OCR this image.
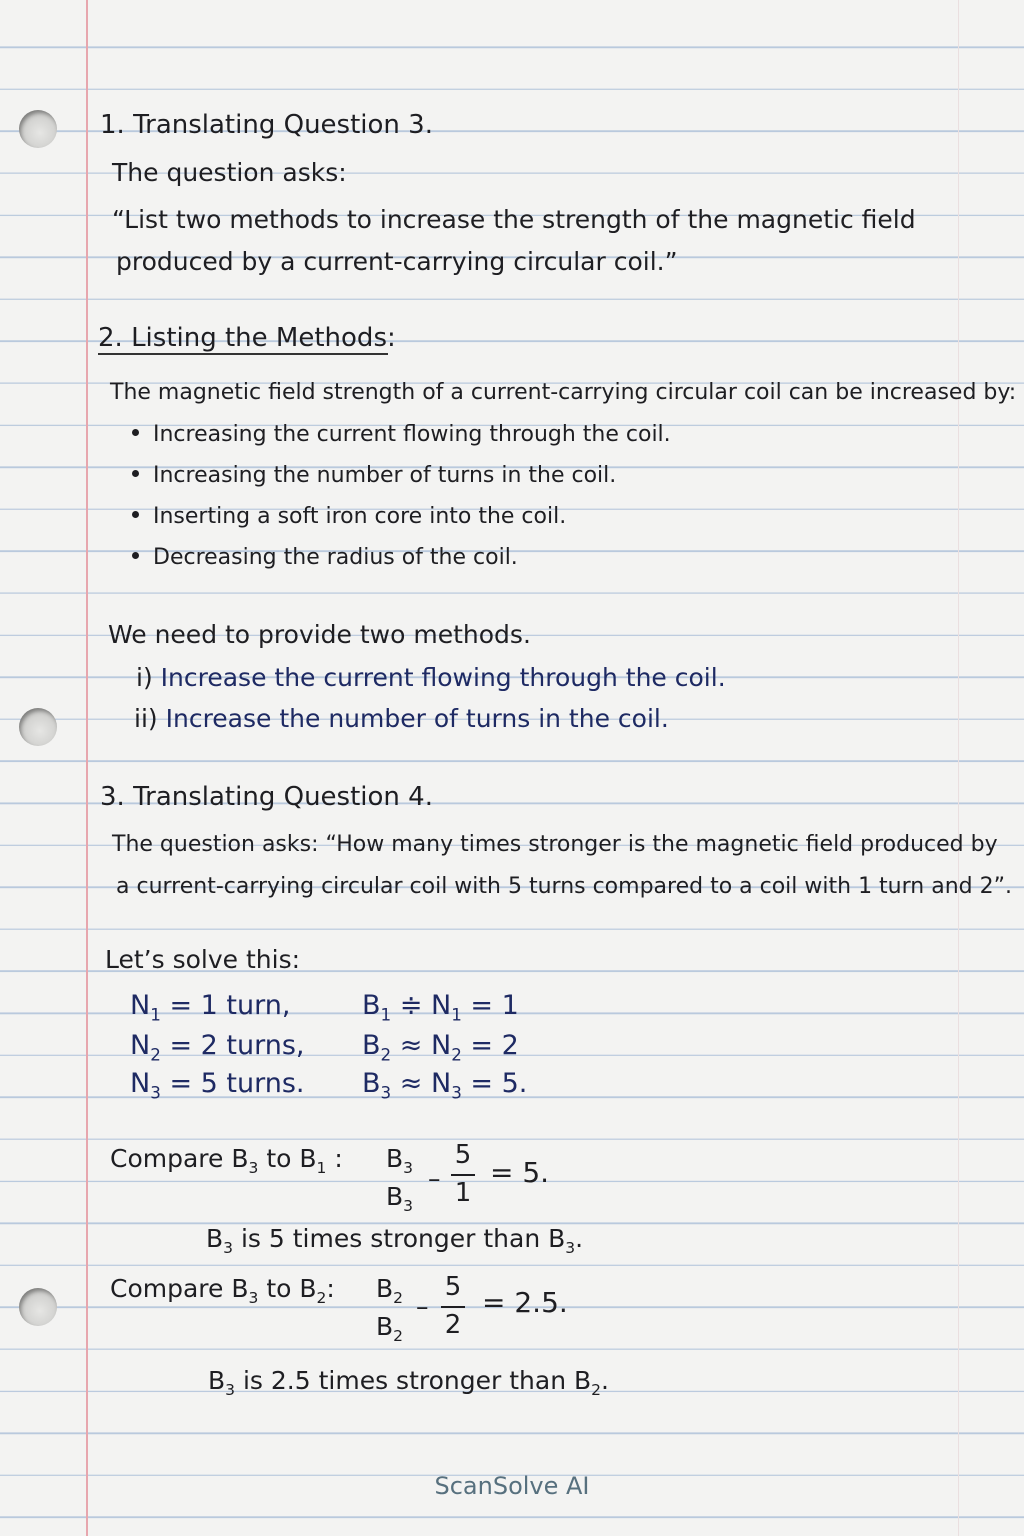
1. Translating Question 3.
The question asks:
“List two methods to increase the strength of the magnetic field
produced by a current-carrying circular coil.”
2. Listing the Methods:
The magnetic field strength of a current-carrying circular coil can be increased by:
Increasing the current flowing through the coil.
Increasing the number of turns in the coil.
Inserting a soft iron core into the coil.
Decreasing the radius of the coil.
We need to provide two methods.
i) Increase the current flowing through the coil.
ii) Increase the number of turns in the coil.
3. Translating Question 4.
The question asks: “How many times stronger is the magnetic field produced by
a current-carrying circular coil with 5 turns compared to a coil with 1 turn and 2”.
Let’s solve this:
$N_1 = 1$ turn,	$B_1$ ≑ $N_1 = 1$
$N_2 = 2$ turns, $B_2 \approx N_2 = 2$
$N_3 = 5$ turns. $B_3 \approx N_3 = 5$.
Compare $B_3$ to $B_1$ : $B_3$
$B_3$
–
5
1
= 5.
$B_3$ is 5 times stronger than $B_3$.
Compare $B_3$ to $B_2$: $B_2$
$B_2$
–
5
2
= 2.5.
$B_3$ is 2.5 times stronger than $B_2$.
ScanSolve AI
